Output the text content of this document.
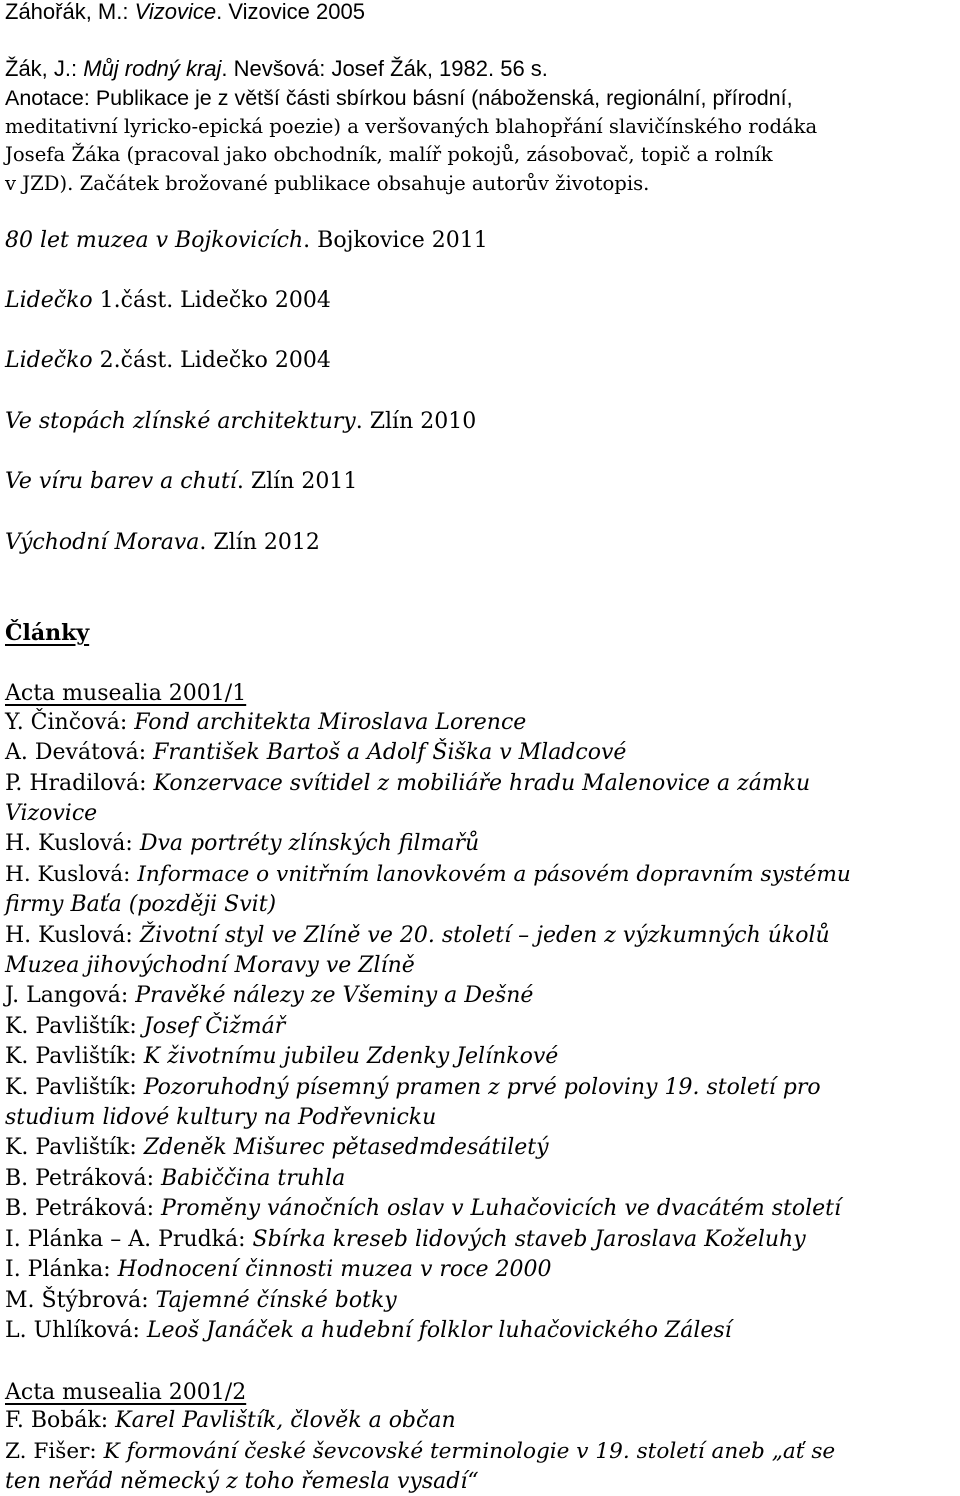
Záhořák, M.: Vizovice. Vizovice 2005
Žák, J.: Můj rodný kraj. Nevšová: Josef Žák, 1982. 56 s.
Anotace: Publikace je z větší části sbírkou básní (náboženská, regionální, přírodní,
meditativní lyricko-epická poezie) a veršovaných blahopřání slavičínského rodáka
Josefa Žáka (pracoval jako obchodník, malíř pokojů, zásobovač, topič a rolník
v JZD). Začátek brožované publikace obsahuje autorův životopis.
80 let muzea v Bojkovicích. Bojkovice 2011
Lidečko 1.část. Lidečko 2004
Lidečko 2.část. Lidečko 2004
Ve stopách zlínské architektury. Zlín 2010
Ve víru barev a chutí. Zlín 2011
Východní Morava. Zlín 2012
Články
Acta musealia 2001/1
Y. Činčová: Fond architekta Miroslava Lorence
A. Devátová: František Bartoš a Adolf Šiška v Mladcové
P. Hradilová: Konzervace svítidel z mobiliáře hradu Malenovice a zámku
Vizovice
H. Kuslová: Dva portréty zlínských filmařů
H. Kuslová: Informace o vnitřním lanovkovém a pásovém dopravním systému
firmy Baťa (později Svit)
H. Kuslová: Životní styl ve Zlíně ve 20. století – jeden z výzkumných úkolů
Muzea jihovýchodní Moravy ve Zlíně
J. Langová: Pravěké nálezy ze Všeminy a Dešné
K. Pavlištík: Josef Čižmář
K. Pavlištík: K životnímu jubileu Zdenky Jelínkové
K. Pavlištík: Pozoruhodný písemný pramen z prvé poloviny 19. století pro
studium lidové kultury na Podřevnicku
K. Pavlištík: Zdeněk Mišurec pětasedmdesátiletý
B. Petráková: Babiččina truhla
B. Petráková: Proměny vánočních oslav v Luhačovicích ve dvacátém století
I. Plánka – A. Prudká: Sbírka kreseb lidových staveb Jaroslava Koželuhy
I. Plánka: Hodnocení činnosti muzea v roce 2000
M. Štýbrová: Tajemné čínské botky
L. Uhlíková: Leoš Janáček a hudební folklor luhačovického Zálesí
Acta musealia 2001/2
F. Bobák: Karel Pavlištík, člověk a občan
Z. Fišer: K formování české ševcovské terminologie v 19. století aneb „ať se
ten neřád německý z toho řemesla vysadí“
